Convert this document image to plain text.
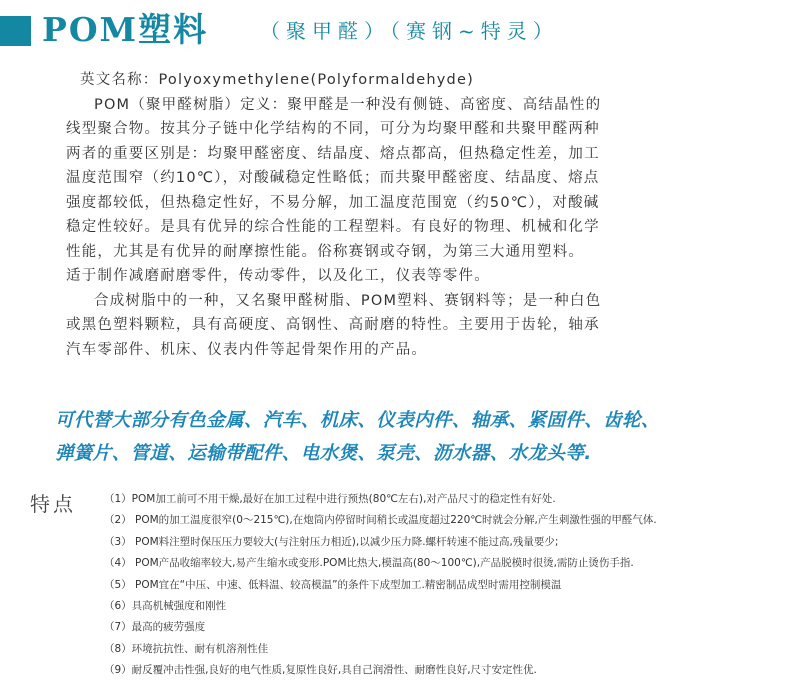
POM塑料	（聚甲醛）（赛钢~特灵）
英文名称：Polyoxymethylene(Polyformaldehyde)
POM（聚甲醛树脂）定义：聚甲醛是一种没有侧链、高密度、高结晶性的
线型聚合物。按其分子链中化学结构的不同，可分为均聚甲醛和共聚甲醛两种
两者的重要区别是：均聚甲醛密度、结晶度、熔点都高，但热稳定性差，加工
温度范围窄（约10℃），对酸碱稳定性略低；而共聚甲醛密度、结晶度、熔点
强度都较低，但热稳定性好，不易分解，加工温度范围宽（约50℃），对酸碱
稳定性较好。是具有优异的综合性能的工程塑料。有良好的物理、机械和化学
性能，尤其是有优异的耐摩擦性能。俗称赛钢或夺钢，为第三大通用塑料。
适于制作减磨耐磨零件，传动零件，以及化工，仪表等零件。
合成树脂中的一种，又名聚甲醛树脂、POM塑料、赛钢料等；是一种白色
或黑色塑料颗粒，具有高硬度、高钢性、高耐磨的特性。主要用于齿轮，轴承
汽车零部件、机床、仪表内件等起骨架作用的产品。
可代替大部分有色金属、汽车、机床、仪表内件、轴承、紧固件、齿轮、
弹簧片、管道、运输带配件、电水煲、泵壳、沥水器、水龙头等.
特点	（1）POM加工前可不用干燥,最好在加工过程中进行预热(80℃左右),对产品尺寸的稳定性有好处.
（2） POM的加工温度很窄(0～215℃),在炮筒内停留时间稍长或温度超过220℃时就会分解,产生刺激性强的甲醛气体.
（3） POM料注塑时保压压力要较大(与注射压力相近),以减少压力降.螺杆转速不能过高,残量要少;
（4） POM产品收缩率较大,易产生缩水或变形.POM比热大,模温高(80～100℃),产品脱模时很烫,需防止烫伤手指.
（5） POM宜在“中压、中速、低料温、较高模温”的条件下成型加工.精密制品成型时需用控制模温
（6）具高机械强度和刚性
（7）最高的疲劳强度
（8）环境抗抗性、耐有机溶剂性佳
（9）耐反覆冲击性强,良好的电气性质,复原性良好,具自己润滑性、耐磨性良好,尺寸安定性优.
